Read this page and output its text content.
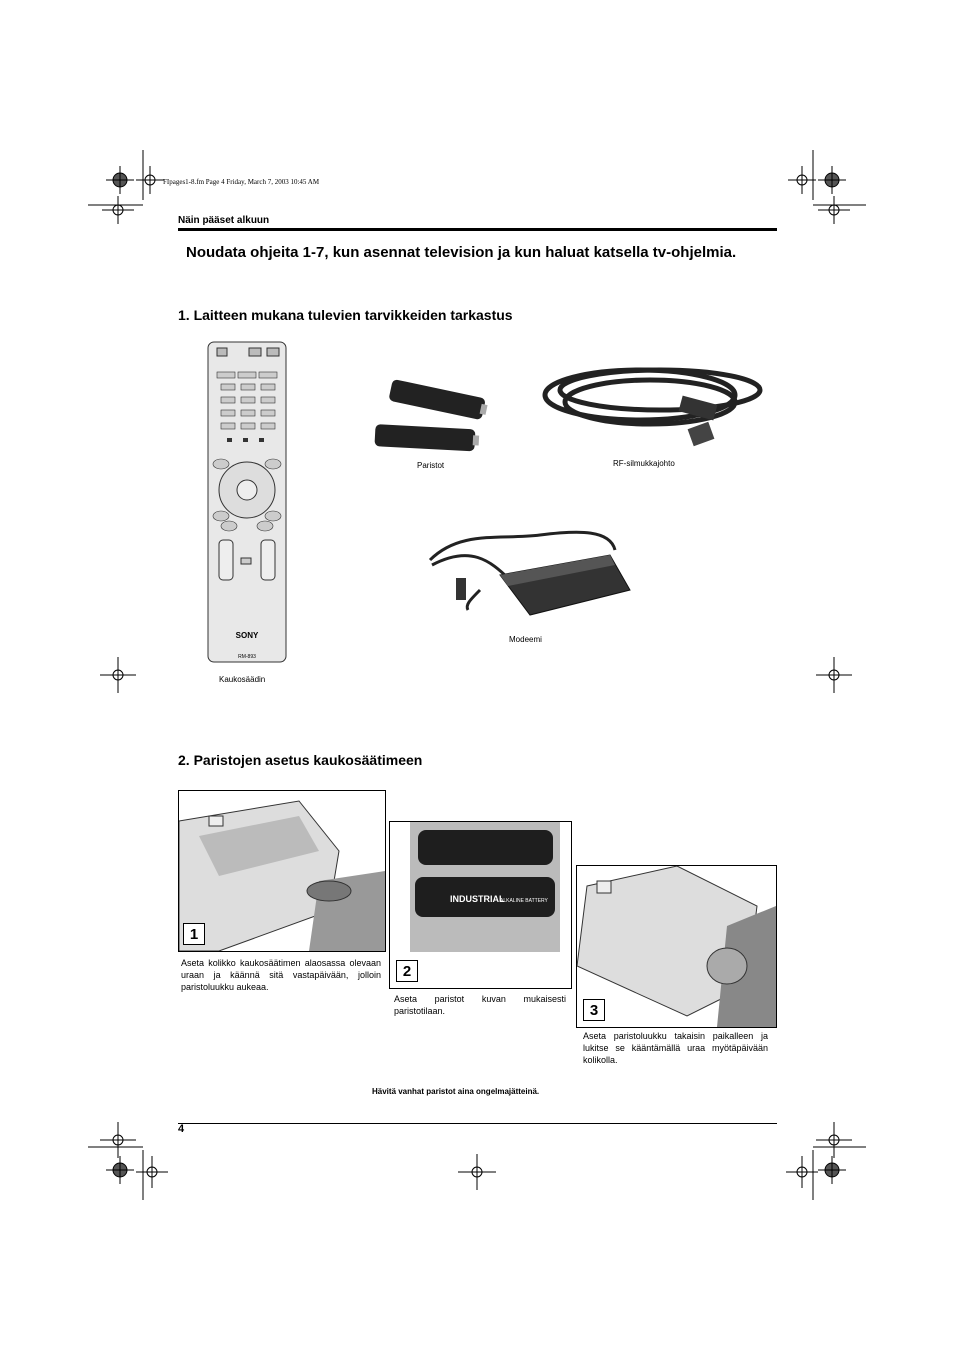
FIpages1-8.fm Page 4 Friday, March 7, 2003 10:45 AM
Näin pääset alkuun
Noudata ohjeita 1-7, kun asennat television ja kun haluat katsella tv-ohjelmia.
1. Laitteen mukana tulevien tarvikkeiden tarkastus
SONY
RM-893
Kaukosäädin
Paristot	RF-silmukkajohto
Modeemi
2. Paristojen asetus kaukosäätimeen
1
Aseta kolikko kaukosäätimen alaosassa olevaan uraan ja käännä sitä vastapäivään, jolloin paristoluukku aukeaa.
INDUSTRIAL
ALKALINE BATTERY
2
Aseta paristot kuvan mukaisesti paristotilaan.	3
Aseta paristoluukku takaisin paikalleen ja lukitse se kääntämällä uraa myötäpäivään kolikolla.
Hävitä vanhat paristot aina ongelmajätteinä.
4
